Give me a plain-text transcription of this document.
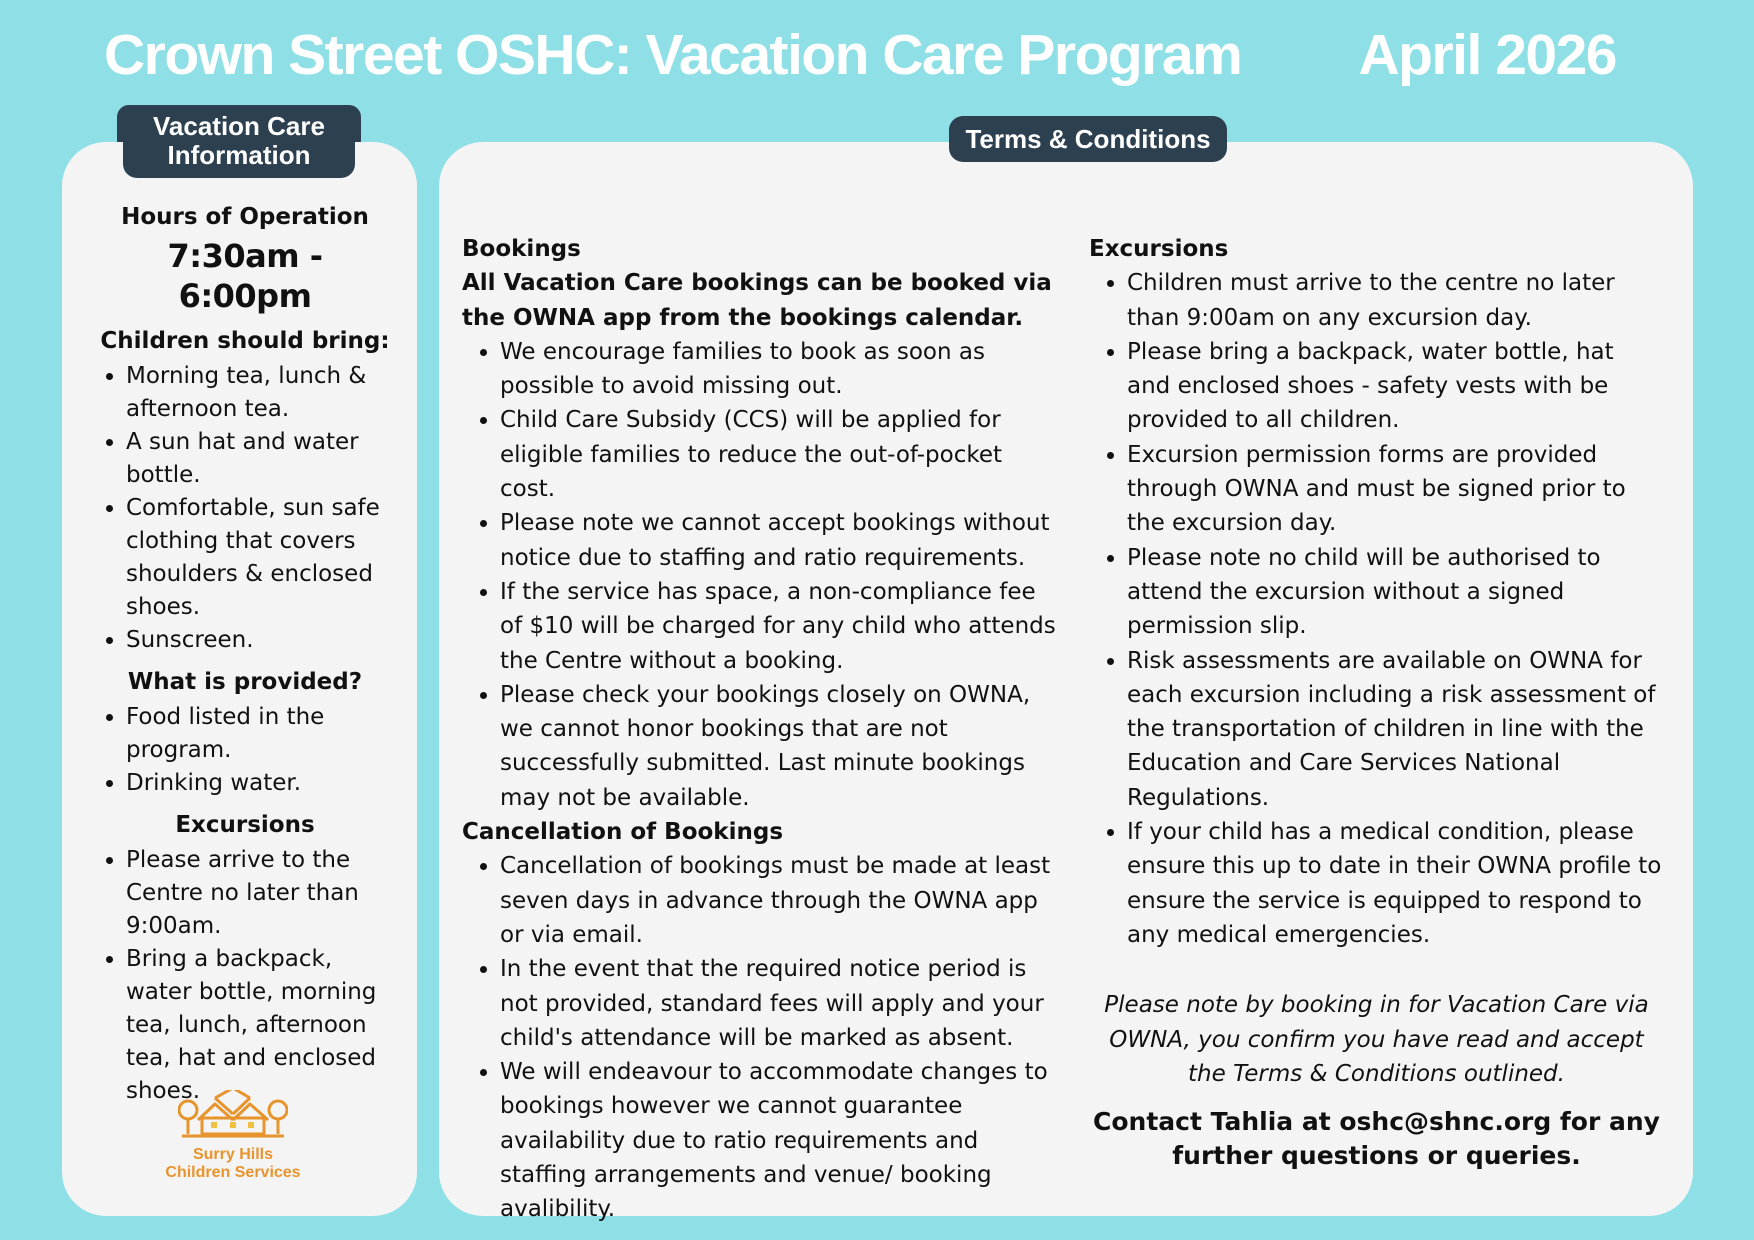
Crown Street OSHC: Vacation Care Program April 2026
Vacation Care Information
Terms & Conditions
Hours of Operation
7:30am - 6:00pm
Children should bring:
• Morning tea, lunch & afternoon tea.
• A sun hat and water bottle.
• Comfortable, sun safe clothing that covers shoulders & enclosed shoes.
• Sunscreen.
What is provided?
• Food listed in the program.
• Drinking water.
Excursions
• Please arrive to the Centre no later than 9:00am.
• Bring a backpack, water bottle, morning tea, lunch, afternoon tea, hat and enclosed shoes.
Surry Hills
Children Services
Bookings

All Vacation Care bookings can be booked via the OWNA app from the bookings calendar.

• We encourage families to book as soon as possible to avoid missing out.
• Child Care Subsidy (CCS) will be applied for eligible families to reduce the out-of-pocket cost.
• Please note we cannot accept bookings without notice due to staffing and ratio requirements.
• If the service has space, a non-compliance fee of $10 will be charged for any child who attends the Centre without a booking.
• Please check your bookings closely on OWNA, we cannot honor bookings that are not successfully submitted. Last minute bookings may not be available.
Cancellation of Bookings
• Cancellation of bookings must be made at least seven days in advance through the OWNA app or via email.
• In the event that the required notice period is not provided, standard fees will apply and your child's attendance will be marked as absent.
• We will endeavour to accommodate changes to bookings however we cannot guarantee availability due to ratio requirements and staffing arrangements and venue/ booking avalibility.
Excursions
• Children must arrive to the centre no later than 9:00am on any excursion day.
• Please bring a backpack, water bottle, hat and enclosed shoes - safety vests with be provided to all children.
• Excursion permission forms are provided through OWNA and must be signed prior to the excursion day.
• Please note no child will be authorised to attend the excursion without a signed permission slip.
• Risk assessments are available on OWNA for each excursion including a risk assessment of the transportation of children in line with the Education and Care Services National Regulations.
• If your child has a medical condition, please ensure this up to date in their OWNA profile to ensure the service is equipped to respond to any medical emergencies.
Please note by booking in for Vacation Care via OWNA, you confirm you have read and accept the Terms & Conditions outlined.
Contact Tahlia at oshc@shnc.org for any further questions or queries.
